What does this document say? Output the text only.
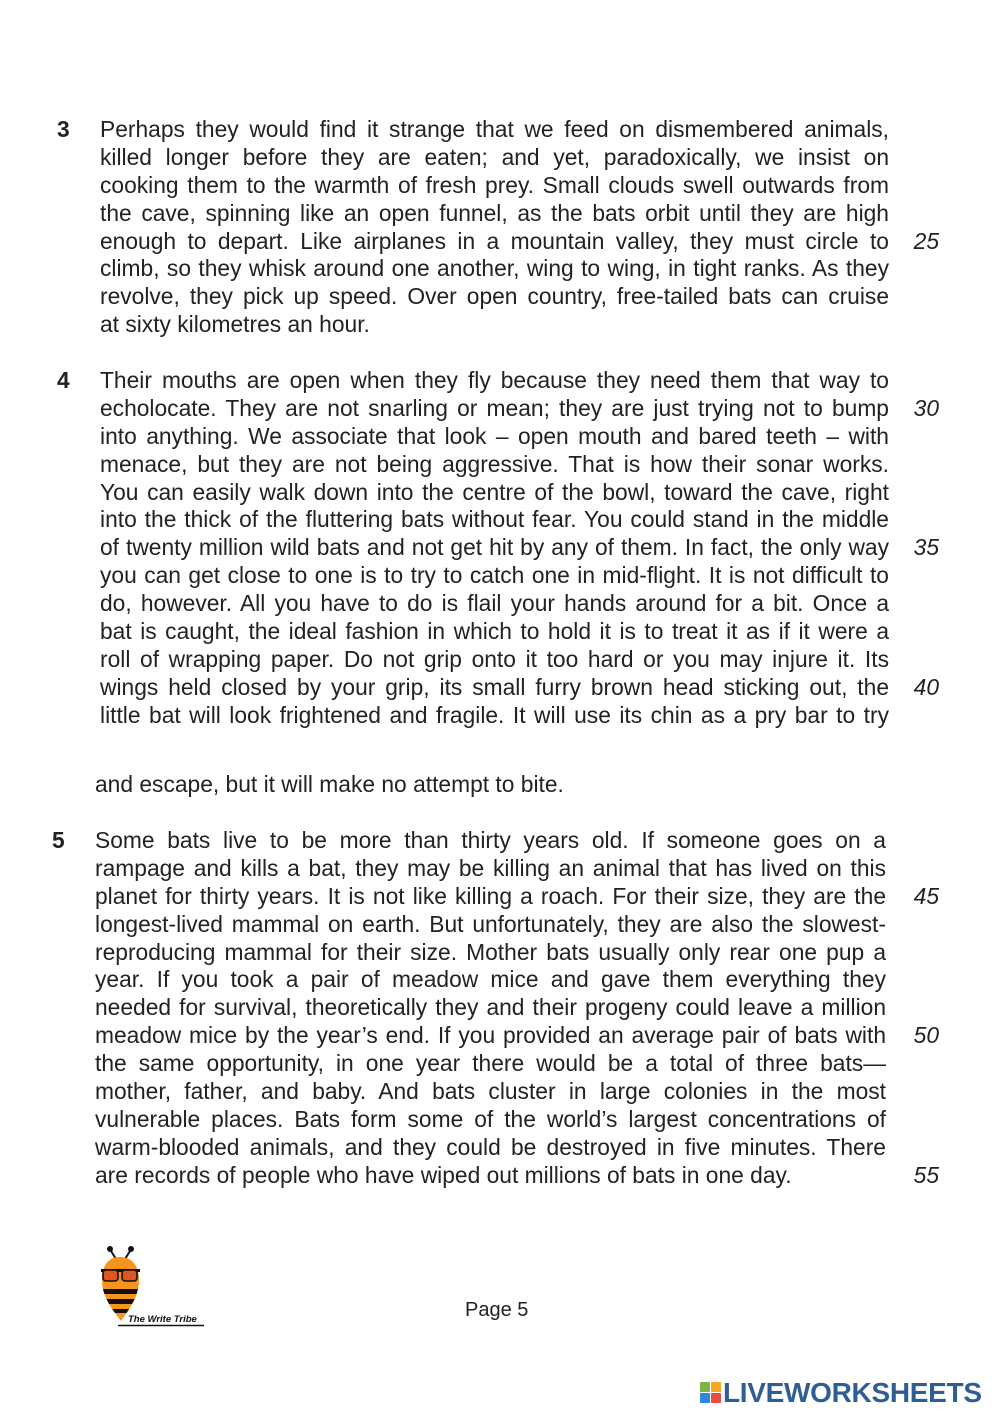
3 Perhaps they would find it strange that we feed on dismembered animals,
killed longer before they are eaten; and yet, paradoxically, we insist on
cooking them to the warmth of fresh prey. Small clouds swell outwards from
the cave, spinning like an open funnel, as the bats orbit until they are high
enough to depart. Like airplanes in a mountain valley, they must circle to
climb, so they whisk around one another, wing to wing, in tight ranks. As they
revolve, they pick up speed. Over open country, free-tailed bats can cruise
at sixty kilometres an hour.
4 Their mouths are open when they fly because they need them that way to
echolocate. They are not snarling or mean; they are just trying not to bump
into anything. We associate that look – open mouth and bared teeth – with
menace, but they are not being aggressive. That is how their sonar works.
You can easily walk down into the centre of the bowl, toward the cave, right
into the thick of the fluttering bats without fear. You could stand in the middle
of twenty million wild bats and not get hit by any of them. In fact, the only way
you can get close to one is to try to catch one in mid-flight. It is not difficult to
do, however. All you have to do is flail your hands around for a bit. Once a
bat is caught, the ideal fashion in which to hold it is to treat it as if it were a
roll of wrapping paper. Do not grip onto it too hard or you may injure it. Its
wings held closed by your grip, its small furry brown head sticking out, the
little bat will look frightened and fragile. It will use its chin as a pry bar to try
and escape, but it will make no attempt to bite.
5 Some bats live to be more than thirty years old. If someone goes on a
rampage and kills a bat, they may be killing an animal that has lived on this
planet for thirty years. It is not like killing a roach. For their size, they are the
longest-lived mammal on earth. But unfortunately, they are also the slowest-
reproducing mammal for their size. Mother bats usually only rear one pup a
year. If you took a pair of meadow mice and gave them everything they
needed for survival, theoretically they and their progeny could leave a million
meadow mice by the year’s end. If you provided an average pair of bats with
the same opportunity, in one year there would be a total of three bats—
mother, father, and baby. And bats cluster in large colonies in the most
vulnerable places. Bats form some of the world’s largest concentrations of
warm-blooded animals, and they could be destroyed in five minutes. There
are records of people who have wiped out millions of bats in one day.
25
30
35
40
45
50
55
The Write Tribe	Page 5
LIVEWORKSHEETS
